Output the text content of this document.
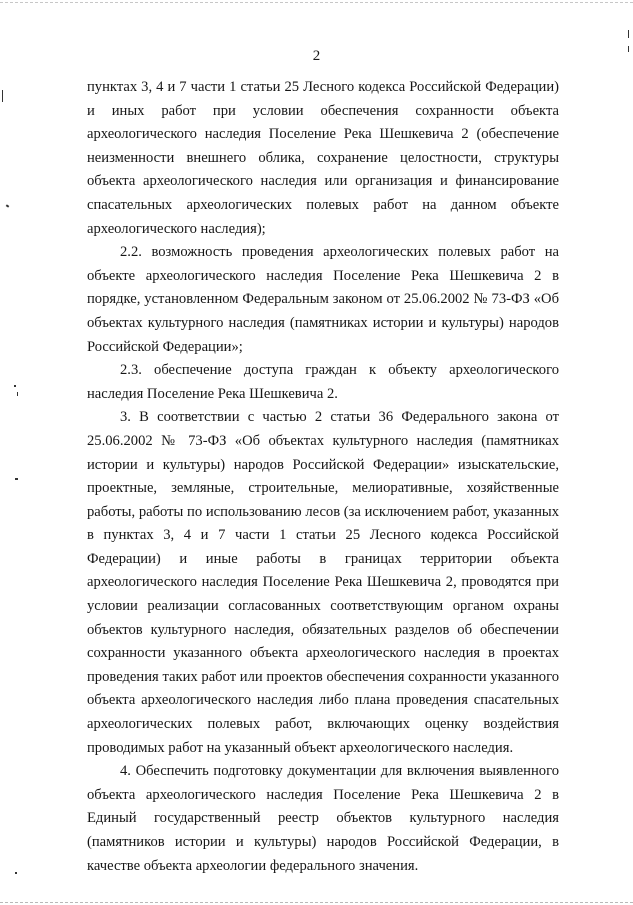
2

пунктах 3, 4 и 7 части 1 статьи 25 Лесного кодекса Российской Федерации) и иных работ при условии обеспечения сохранности объекта археологического наследия Поселение Река Шешкевича 2 (обеспечение неизменности внешнего облика, сохранение целостности, структуры объекта археологического наследия или организация и финансирование спасательных археологических полевых работ на данном объекте археологического наследия);

2.2. возможность проведения археологических полевых работ на объекте археологического наследия Поселение Река Шешкевича 2 в порядке, установленном Федеральным законом от 25.06.2002 № 73-ФЗ «Об объектах культурного наследия (памятниках истории и культуры) народов Российской Федерации»;

2.3. обеспечение доступа граждан к объекту археологического наследия Поселение Река Шешкевича 2.

3. В соответствии с частью 2 статьи 36 Федерального закона от 25.06.2002 № 73-ФЗ «Об объектах культурного наследия (памятниках истории и культуры) народов Российской Федерации» изыскательские, проектные, земляные, строительные, мелиоративные, хозяйственные работы, работы по использованию лесов (за исключением работ, указанных в пунктах 3, 4 и 7 части 1 статьи 25 Лесного кодекса Российской Федерации) и иные работы в границах территории объекта археологического наследия Поселение Река Шешкевича 2, проводятся при условии реализации согласованных соответствующим органом охраны объектов культурного наследия, обязательных разделов об обеспечении сохранности указанного объекта археологического наследия в проектах проведения таких работ или проектов обеспечения сохранности указанного объекта археологического наследия либо плана проведения спасательных археологических полевых работ, включающих оценку воздействия проводимых работ на указанный объект археологического наследия.

4. Обеспечить подготовку документации для включения выявленного объекта археологического наследия Поселение Река Шешкевича 2 в Единый государственный реестр объектов культурного наследия (памятников истории и культуры) народов Российской Федерации, в качестве объекта археологии федерального значения.
